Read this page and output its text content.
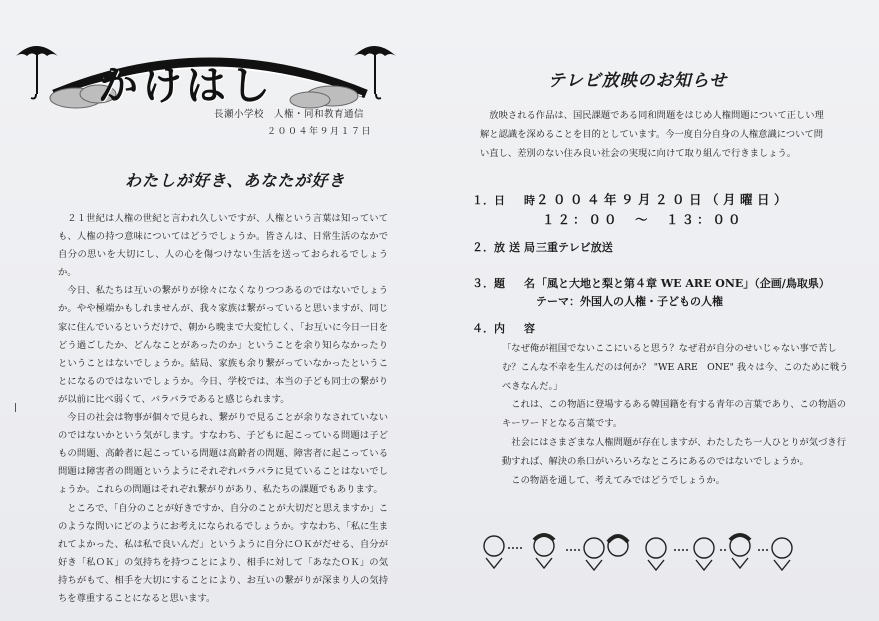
かけはし
長瀬小学校　人権・同和教育通信
２００４年９月１７日
わたしが好き、あなたが好き

２１世紀は人権の世紀と言われ久しいですが、人権という言葉は知っていても、人権の持つ意味についてはどうでしょうか。皆さんは、日常生活のなかで自分の思いを大切にし、人の心を傷つけない生活を送っておられるでしょうか。

今日、私たちは互いの繋がりが徐々になくなりつつあるのではないでしょうか。やや極端かもしれませんが、我々家族は繋がっていると思いますが、同じ家に住んでいるというだけで、朝から晩まで大変忙しく、「お互いに今日一日をどう過ごしたか、どんなことがあったのか」ということを余り知らなかったりということはないでしょうか。結局、家族も余り繋がっていなかったということになるのではないでしょうか。今日、学校では、本当の子ども同士の繋がりが以前に比べ弱くて、バラバラであると感じられます。

今日の社会は物事が個々で見られ、繋がりで見ることが余りなされていないのではないかという気がします。すなわち、子どもに起こっている問題は子どもの問題、高齢者に起こっている問題は高齢者の問題、障害者に起こっている問題は障害者の問題というようにそれぞれバラバラに見ていることはないでしょうか。これらの問題はそれぞれ繋がりがあり、私たちの課題でもあります。

ところで、「自分のことが好きですか、自分のことが大切だと思えますか」このような問いにどのようにお考えになられるでしょうか。すなわち、「私に生まれてよかった、私は私で良いんだ」というように自分にＯＫがだせる、自分が好き「私ＯＫ」の気持ちを持つことにより、相手に対して「あなたＯＫ」の気持ちがもて、相手を大切にすることにより、お互いの繋がりが深まり人の気持ちを尊重することになると思います。

テレビ放映のお知らせ

放映される作品は、国民課題である同和問題をはじめ人権問題について正しい理解と認識を深めることを目的としています。今一度自分自身の人権意識について問い直し、差別のない住み良い社会の実現に向けて取り組んで行きましょう。

１．日　時２００４年９月２０日（月曜日）
１２：００　～　１３：００
２．放送局三重テレビ放送
３．題　名「風と大地と梨と第４章 WE ARE ONE」（企画/鳥取県）
テーマ：外国人の人権・子どもの人権
４．内　容

「なぜ俺が祖国でないここにいると思う？なぜ君が自分のせいじゃない事で苦しむ？こんな不幸を生んだのは何か？ "WE ARE　ONE" 我々は今、このために戦うべきなんだ。」

これは、この物語に登場するある韓国籍を有する青年の言葉であり、この物語のキーワードとなる言葉です。

社会にはさまざまな人権問題が存在しますが、わたしたち一人ひとりが気づき行動すれば、解決の糸口がいろいろなところにあるのではないでしょうか。

この物語を通して、考えてみではどうでしょうか。
